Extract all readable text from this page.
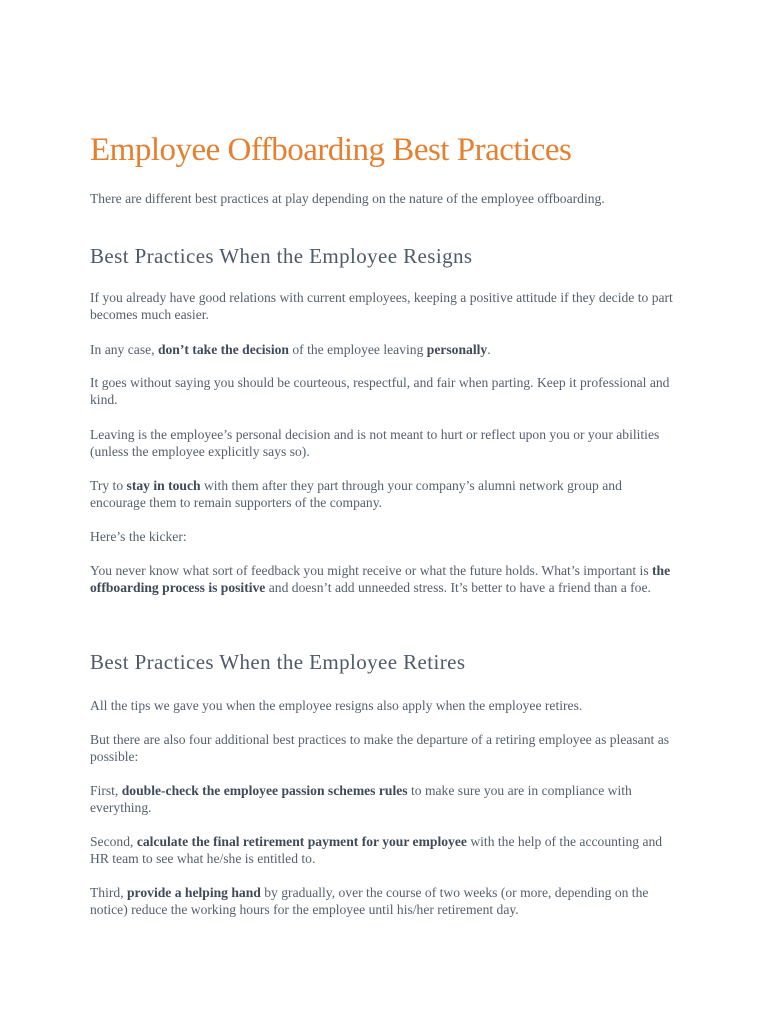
Employee Offboarding Best Practices

There are different best practices at play depending on the nature of the employee offboarding.

Best Practices When the Employee Resigns

If you already have good relations with current employees, keeping a positive attitude if they decide to part becomes much easier.

In any case, don’t take the decision of the employee leaving personally.

It goes without saying you should be courteous, respectful, and fair when parting. Keep it professional and kind.

Leaving is the employee’s personal decision and is not meant to hurt or reflect upon you or your abilities (unless the employee explicitly says so).

Try to stay in touch with them after they part through your company’s alumni network group and encourage them to remain supporters of the company.

Here’s the kicker:

You never know what sort of feedback you might receive or what the future holds. What’s important is the offboarding process is positive and doesn’t add unneeded stress. It’s better to have a friend than a foe.

Best Practices When the Employee Retires

All the tips we gave you when the employee resigns also apply when the employee retires.

But there are also four additional best practices to make the departure of a retiring employee as pleasant as possible:

First, double-check the employee passion schemes rules to make sure you are in compliance with everything.

Second, calculate the final retirement payment for your employee with the help of the accounting and HR team to see what he/she is entitled to.

Third, provide a helping hand by gradually, over the course of two weeks (or more, depending on the notice) reduce the working hours for the employee until his/her retirement day.
